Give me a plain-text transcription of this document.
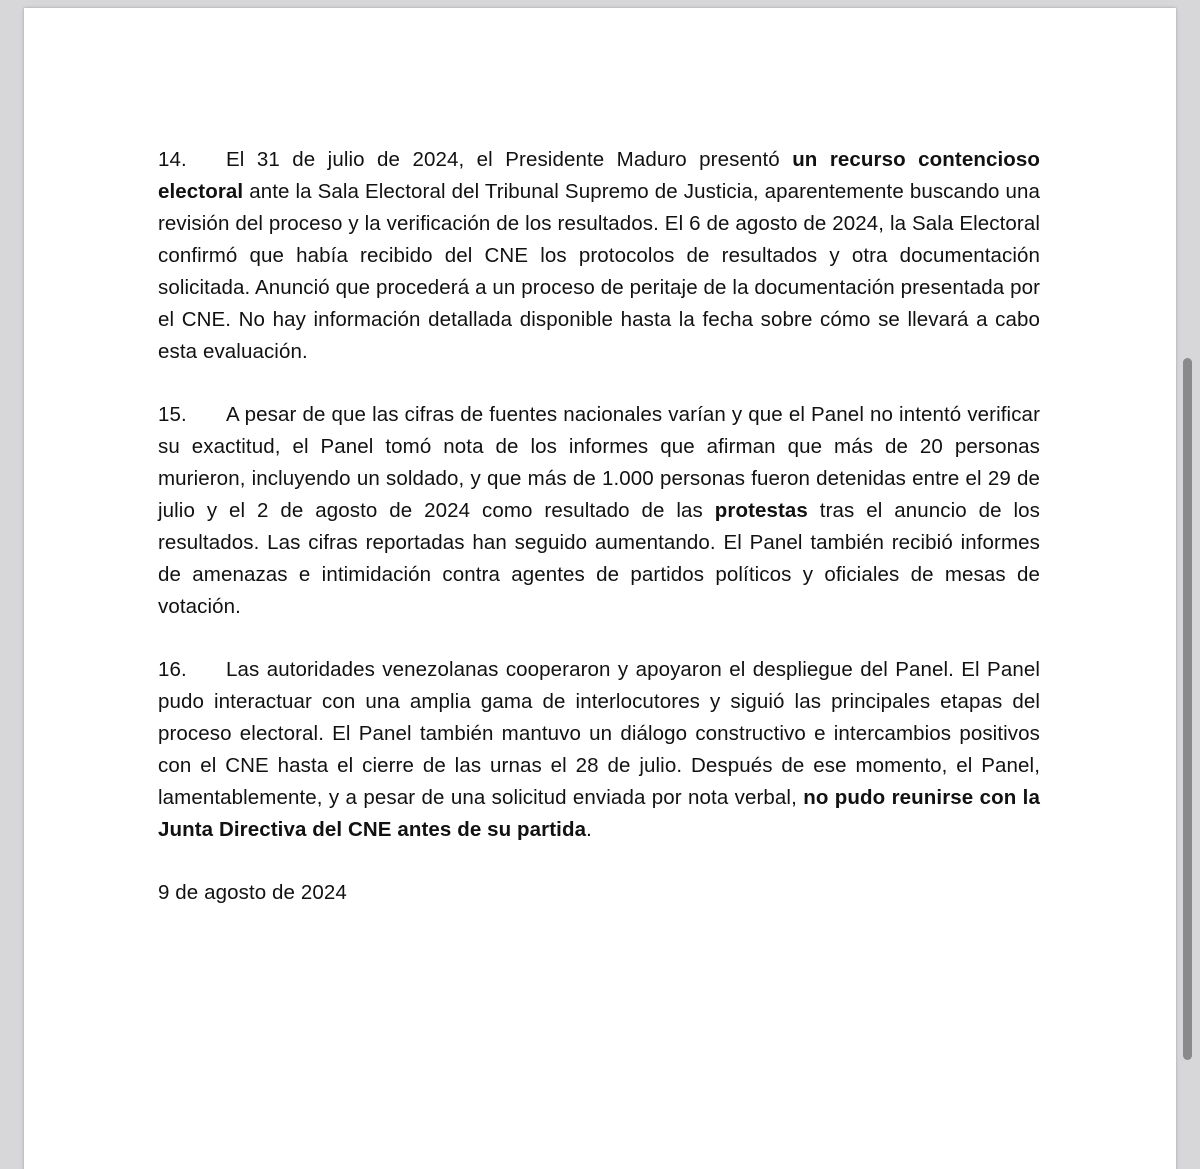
14. El 31 de julio de 2024, el Presidente Maduro presentó un recurso contencioso electoral ante la Sala Electoral del Tribunal Supremo de Justicia, aparentemente buscando una revisión del proceso y la verificación de los resultados. El 6 de agosto de 2024, la Sala Electoral confirmó que había recibido del CNE los protocolos de resultados y otra documentación solicitada. Anunció que procederá a un proceso de peritaje de la documentación presentada por el CNE. No hay información detallada disponible hasta la fecha sobre cómo se llevará a cabo esta evaluación.

15. A pesar de que las cifras de fuentes nacionales varían y que el Panel no intentó verificar su exactitud, el Panel tomó nota de los informes que afirman que más de 20 personas murieron, incluyendo un soldado, y que más de 1.000 personas fueron detenidas entre el 29 de julio y el 2 de agosto de 2024 como resultado de las protestas tras el anuncio de los resultados. Las cifras reportadas han seguido aumentando. El Panel también recibió informes de amenazas e intimidación contra agentes de partidos políticos y oficiales de mesas de votación.

16. Las autoridades venezolanas cooperaron y apoyaron el despliegue del Panel. El Panel pudo interactuar con una amplia gama de interlocutores y siguió las principales etapas del proceso electoral. El Panel también mantuvo un diálogo constructivo e intercambios positivos con el CNE hasta el cierre de las urnas el 28 de julio. Después de ese momento, el Panel, lamentablemente, y a pesar de una solicitud enviada por nota verbal, no pudo reunirse con la Junta Directiva del CNE antes de su partida.

9 de agosto de 2024
